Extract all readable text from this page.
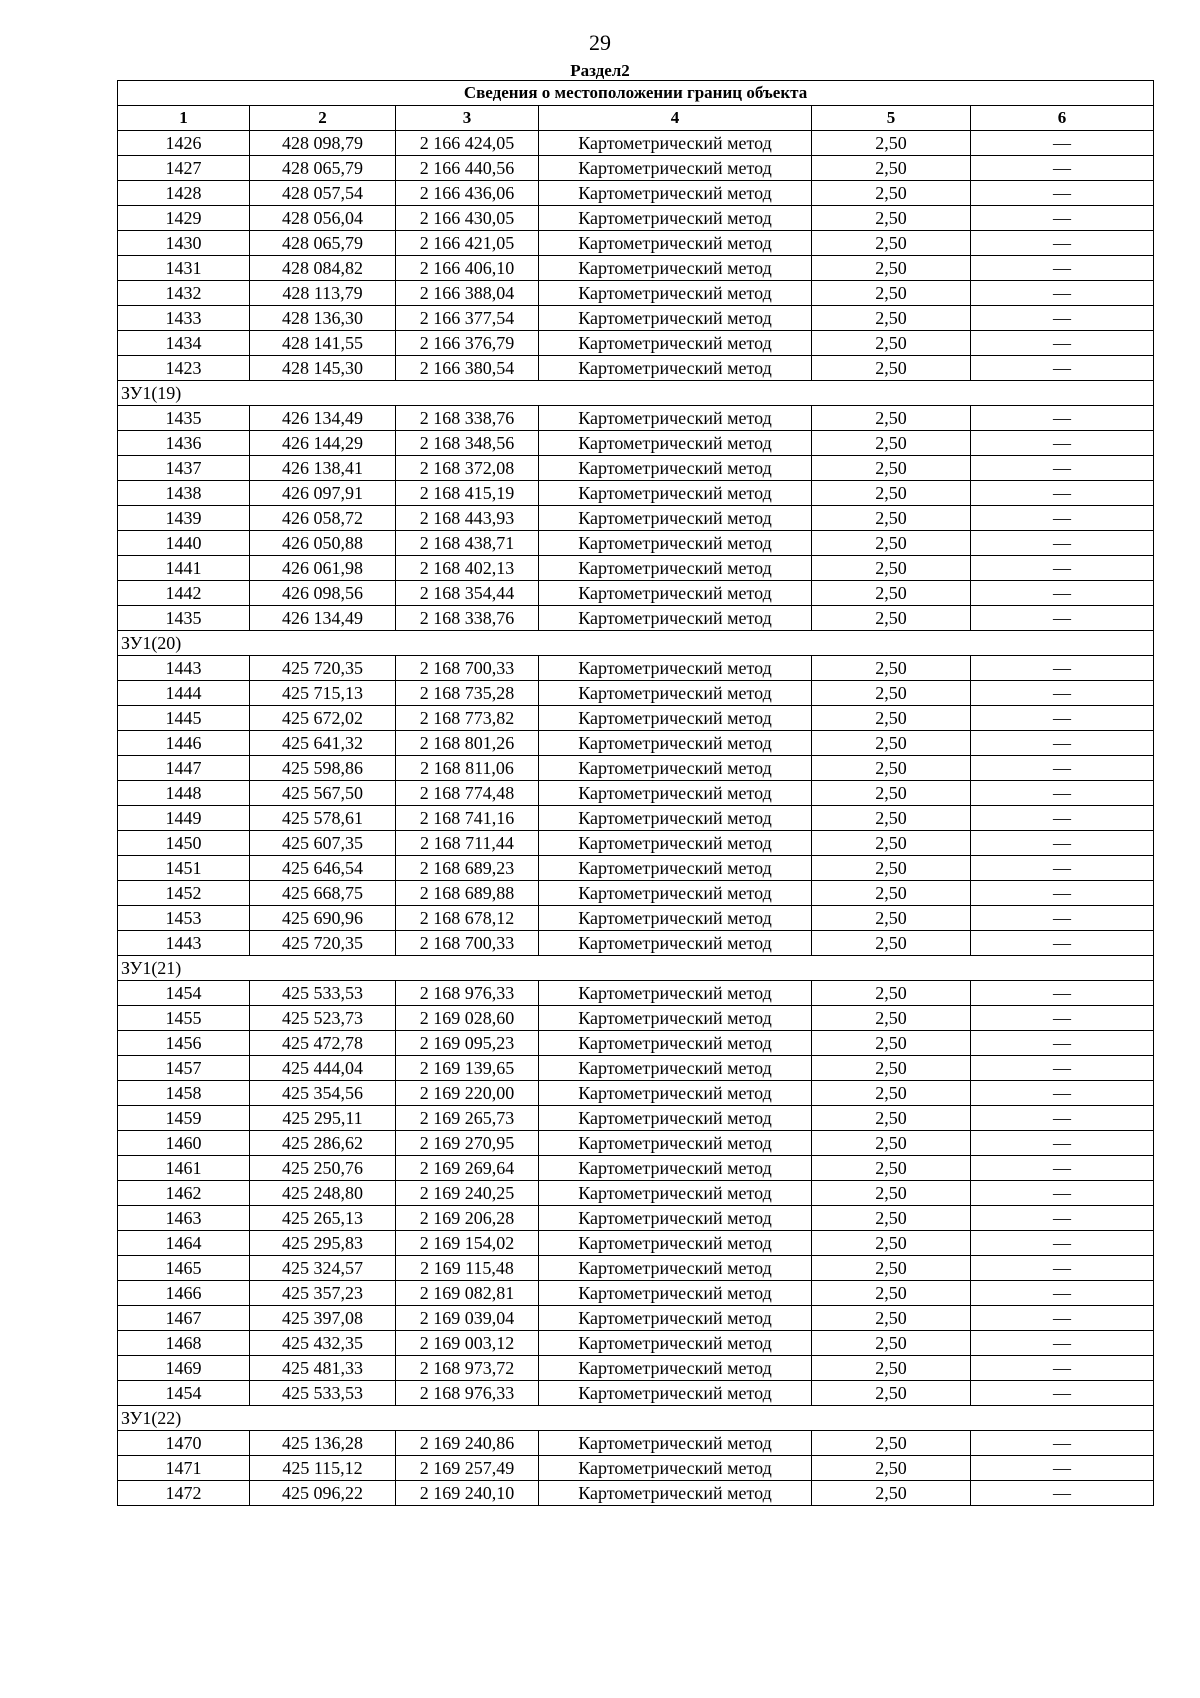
29
Раздел2
Сведения о местоположении границ объекта					
1	2	3	4	5	6
1426	428 098,79	2 166 424,05	Картометрический метод	2,50	—
1427	428 065,79	2 166 440,56	Картометрический метод	2,50	—
1428	428 057,54	2 166 436,06	Картометрический метод	2,50	—
1429	428 056,04	2 166 430,05	Картометрический метод	2,50	—
1430	428 065,79	2 166 421,05	Картометрический метод	2,50	—
1431	428 084,82	2 166 406,10	Картометрический метод	2,50	—
1432	428 113,79	2 166 388,04	Картометрический метод	2,50	—
1433	428 136,30	2 166 377,54	Картометрический метод	2,50	—
1434	428 141,55	2 166 376,79	Картометрический метод	2,50	—
1423	428 145,30	2 166 380,54	Картометрический метод	2,50	—
ЗУ1(19)					
1435	426 134,49	2 168 338,76	Картометрический метод	2,50	—
1436	426 144,29	2 168 348,56	Картометрический метод	2,50	—
1437	426 138,41	2 168 372,08	Картометрический метод	2,50	—
1438	426 097,91	2 168 415,19	Картометрический метод	2,50	—
1439	426 058,72	2 168 443,93	Картометрический метод	2,50	—
1440	426 050,88	2 168 438,71	Картометрический метод	2,50	—
1441	426 061,98	2 168 402,13	Картометрический метод	2,50	—
1442	426 098,56	2 168 354,44	Картометрический метод	2,50	—
1435	426 134,49	2 168 338,76	Картометрический метод	2,50	—
ЗУ1(20)					
1443	425 720,35	2 168 700,33	Картометрический метод	2,50	—
1444	425 715,13	2 168 735,28	Картометрический метод	2,50	—
1445	425 672,02	2 168 773,82	Картометрический метод	2,50	—
1446	425 641,32	2 168 801,26	Картометрический метод	2,50	—
1447	425 598,86	2 168 811,06	Картометрический метод	2,50	—
1448	425 567,50	2 168 774,48	Картометрический метод	2,50	—
1449	425 578,61	2 168 741,16	Картометрический метод	2,50	—
1450	425 607,35	2 168 711,44	Картометрический метод	2,50	—
1451	425 646,54	2 168 689,23	Картометрический метод	2,50	—
1452	425 668,75	2 168 689,88	Картометрический метод	2,50	—
1453	425 690,96	2 168 678,12	Картометрический метод	2,50	—
1443	425 720,35	2 168 700,33	Картометрический метод	2,50	—
ЗУ1(21)					
1454	425 533,53	2 168 976,33	Картометрический метод	2,50	—
1455	425 523,73	2 169 028,60	Картометрический метод	2,50	—
1456	425 472,78	2 169 095,23	Картометрический метод	2,50	—
1457	425 444,04	2 169 139,65	Картометрический метод	2,50	—
1458	425 354,56	2 169 220,00	Картометрический метод	2,50	—
1459	425 295,11	2 169 265,73	Картометрический метод	2,50	—
1460	425 286,62	2 169 270,95	Картометрический метод	2,50	—
1461	425 250,76	2 169 269,64	Картометрический метод	2,50	—
1462	425 248,80	2 169 240,25	Картометрический метод	2,50	—
1463	425 265,13	2 169 206,28	Картометрический метод	2,50	—
1464	425 295,83	2 169 154,02	Картометрический метод	2,50	—
1465	425 324,57	2 169 115,48	Картометрический метод	2,50	—
1466	425 357,23	2 169 082,81	Картометрический метод	2,50	—
1467	425 397,08	2 169 039,04	Картометрический метод	2,50	—
1468	425 432,35	2 169 003,12	Картометрический метод	2,50	—
1469	425 481,33	2 168 973,72	Картометрический метод	2,50	—
1454	425 533,53	2 168 976,33	Картометрический метод	2,50	—
ЗУ1(22)					
1470	425 136,28	2 169 240,86	Картометрический метод	2,50	—
1471	425 115,12	2 169 257,49	Картометрический метод	2,50	—
1472	425 096,22	2 169 240,10	Картометрический метод	2,50	—
